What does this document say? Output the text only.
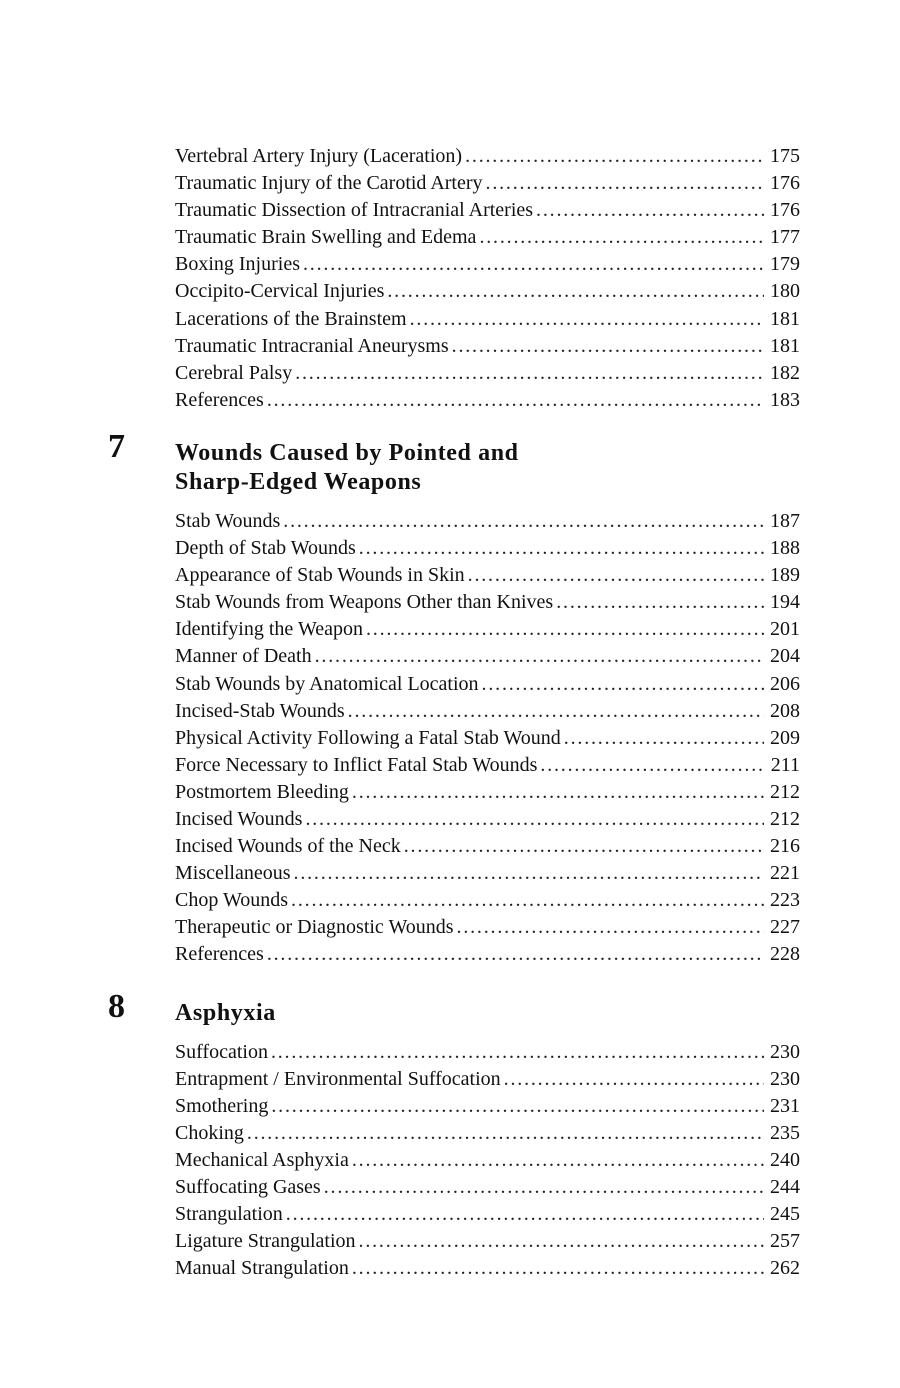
Vertebral Artery Injury (Laceration) . . .	175
Traumatic Injury of the Carotid Artery . . .	176
Traumatic Dissection of Intracranial Arteries . . .	176
Traumatic Brain Swelling and Edema . . .	177
Boxing Injuries . . .	179
Occipito-Cervical Injuries . . .	180
Lacerations of the Brainstem . . .	181
Traumatic Intracranial Aneurysms . . .	181
Cerebral Palsy . . .	182
References . . .	183
7 Wounds Caused by Pointed and
Sharp-Edged Weapons
Stab Wounds . . .	187
Depth of Stab Wounds . . .	188
Appearance of Stab Wounds in Skin . . .	189
Stab Wounds from Weapons Other than Knives . . .	194
Identifying the Weapon . . .	201
Manner of Death . . .	204
Stab Wounds by Anatomical Location . . .	206
Incised-Stab Wounds . . .	208
Physical Activity Following a Fatal Stab Wound . . .	209
Force Necessary to Inflict Fatal Stab Wounds . . .	211
Postmortem Bleeding . . .	212
Incised Wounds . . .	212
Incised Wounds of the Neck . . .	216
Miscellaneous . . .	221
Chop Wounds . . .	223
Therapeutic or Diagnostic Wounds . . .	227
References . . .	228
8 Asphyxia
Suffocation . . .	230
Entrapment / Environmental Suffocation . . .	230
Smothering . . .	231
Choking . . .	235
Mechanical Asphyxia . . .	240
Suffocating Gases . . .	244
Strangulation . . .	245
Ligature Strangulation . . .	257
Manual Strangulation . . .	262
